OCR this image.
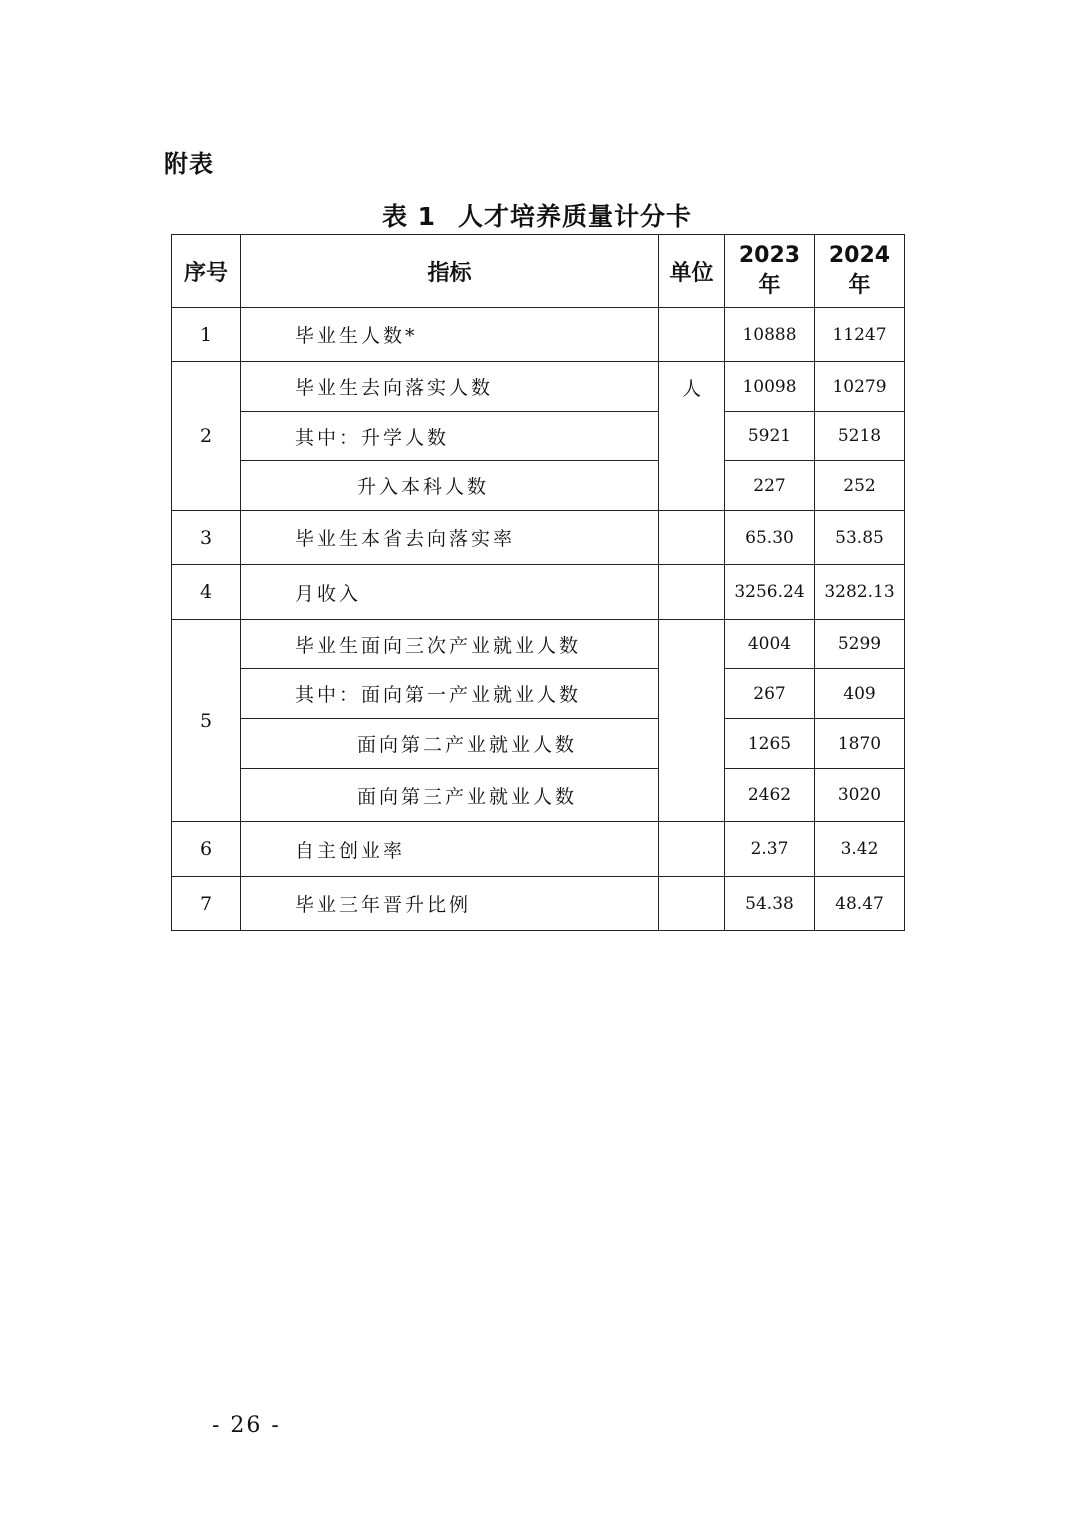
附表
表 1 人才培养质量计分卡
序号	指标	单位	2023 年	2024 年
1	毕业生人数*		10888	11247
2	毕业生去向落实人数	人	10098	10279
	其中：升学人数		5921	5218
	升入本科人数		227	252
3	毕业生本省去向落实率		65.30	53.85
4	月收入		3256.24	3282.13
5	毕业生面向三次产业就业人数		4004	5299
	其中：面向第一产业就业人数		267	409
	面向第二产业就业人数		1265	1870
	面向第三产业就业人数		2462	3020
6	自主创业率		2.37	3.42
7	毕业三年晋升比例		54.38	48.47
- 26 -
